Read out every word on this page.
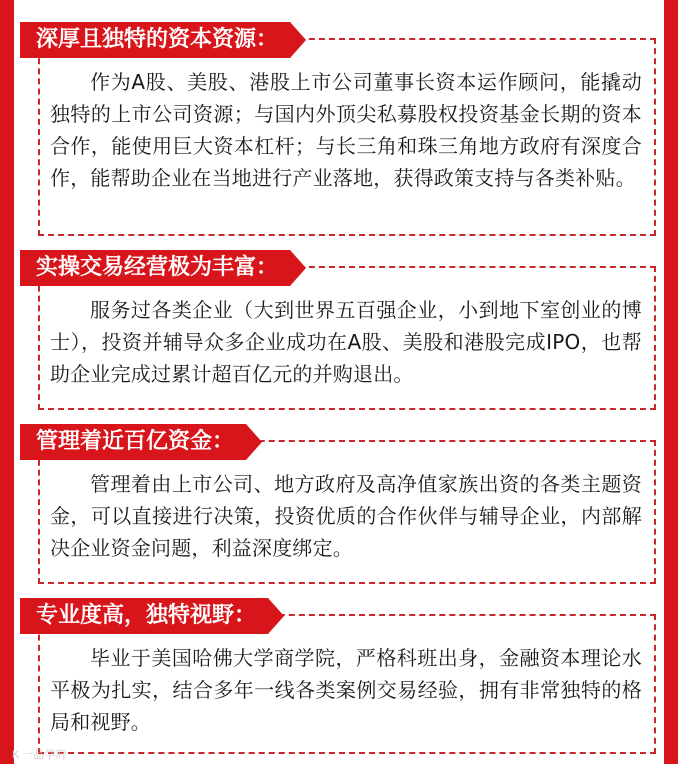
深厚且独特的资本资源：
作为A股、美股、港股上市公司董事长资本运作顾问，能撬动独特的上市公司资源；与国内外顶尖私募股权投资基金长期的资本合作，能使用巨大资本杠杆；与长三角和珠三角地方政府有深度合作，能帮助企业在当地进行产业落地，获得政策支持与各类补贴。
实操交易经营极为丰富：
服务过各类企业（大到世界五百强企业，小到地下室创业的博士），投资并辅导众多企业成功在A股、美股和港股完成IPO，也帮助企业完成过累计超百亿元的并购退出。
管理着近百亿资金：
管理着由上市公司、地方政府及高净值家族出资的各类主题资金，可以直接进行决策，投资优质的合作伙伴与辅导企业，内部解决企业资金问题，利益深度绑定。
专业度高，独特视野：
毕业于美国哈佛大学商学院，严格科班出身，金融资本理论水平极为扎实，结合多年一线各类案例交易经验，拥有非常独特的格局和视野。
K 一品学府
